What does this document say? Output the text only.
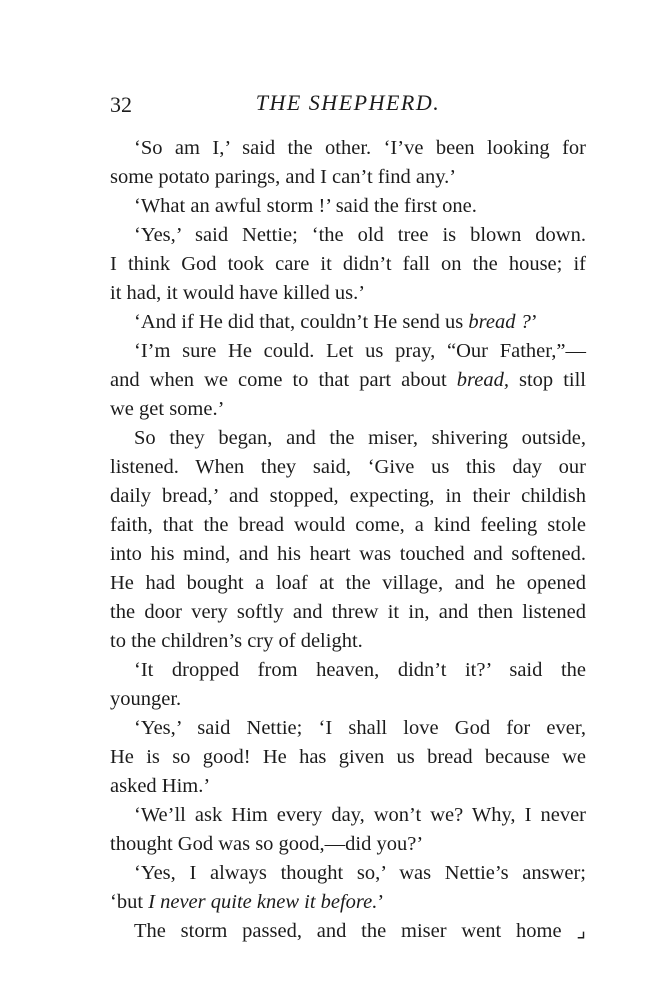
32	THE SHEPHERD.
‘So am I,’ said the other. ‘I’ve been looking for
some potato parings, and I can’t find any.’
‘What an awful storm !’ said the first one.
‘Yes,’ said Nettie; ‘the old tree is blown down.
I think God took care it didn’t fall on the house; if
it had, it would have killed us.’
‘And if He did that, couldn’t He send us bread ?’
‘I’m sure He could. Let us pray, “Our Father,”—
and when we come to that part about bread, stop till
we get some.’
So they began, and the miser, shivering outside,
listened. When they said, ‘Give us this day our
daily bread,’ and stopped, expecting, in their childish
faith, that the bread would come, a kind feeling stole
into his mind, and his heart was touched and softened.
He had bought a loaf at the village, and he opened
the door very softly and threw it in, and then listened
to the children’s cry of delight.
‘It dropped from heaven, didn’t it?’ said the
younger.
‘Yes,’ said Nettie; ‘I shall love God for ever,
He is so good! He has given us bread because we
asked Him.’
‘We’ll ask Him every day, won’t we? Why, I never
thought God was so good,—did you?’
‘Yes, I always thought so,’ was Nettie’s answer;
‘but I never quite knew it before.’
The storm passed, and the miser went home ⌟
